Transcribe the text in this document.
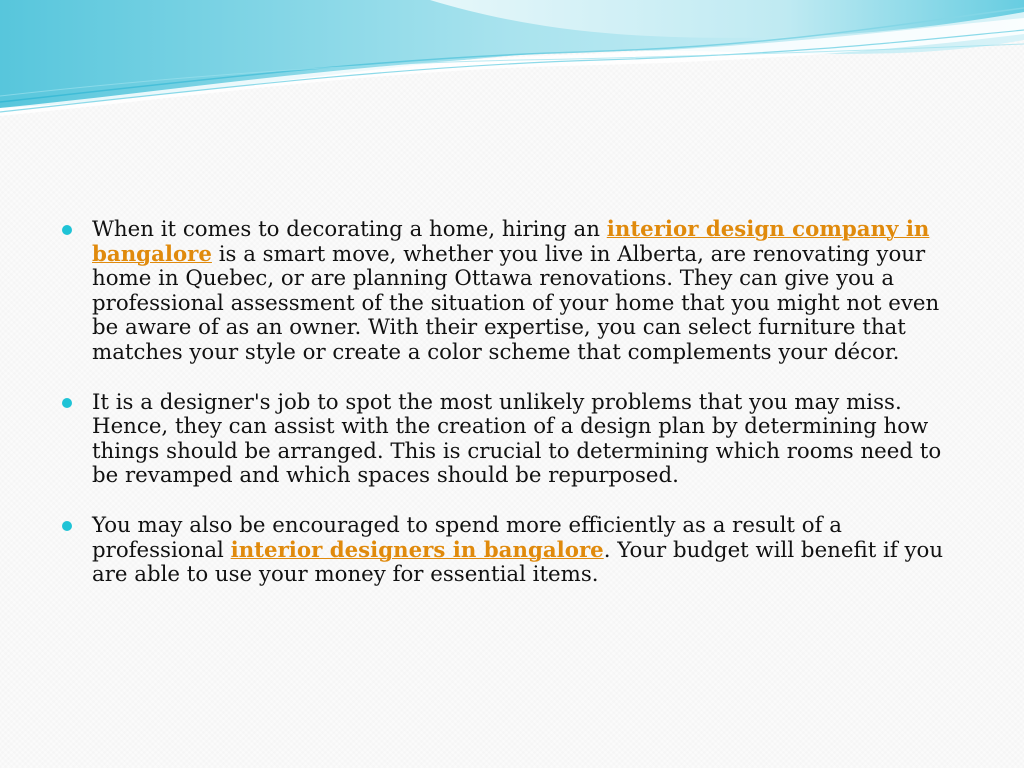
When it comes to decorating a home, hiring an interior design company in bangalore is a smart move, whether you live in Alberta, are renovating your home in Quebec, or are planning Ottawa renovations. They can give you a professional assessment of the situation of your home that you might not even be aware of as an owner. With their expertise, you can select furniture that matches your style or create a color scheme that complements your décor.
It is a designer's job to spot the most unlikely problems that you may miss. Hence, they can assist with the creation of a design plan by determining how things should be arranged. This is crucial to determining which rooms need to be revamped and which spaces should be repurposed.
You may also be encouraged to spend more efficiently as a result of a professional interior designers in bangalore. Your budget will benefit if you are able to use your money for essential items.
